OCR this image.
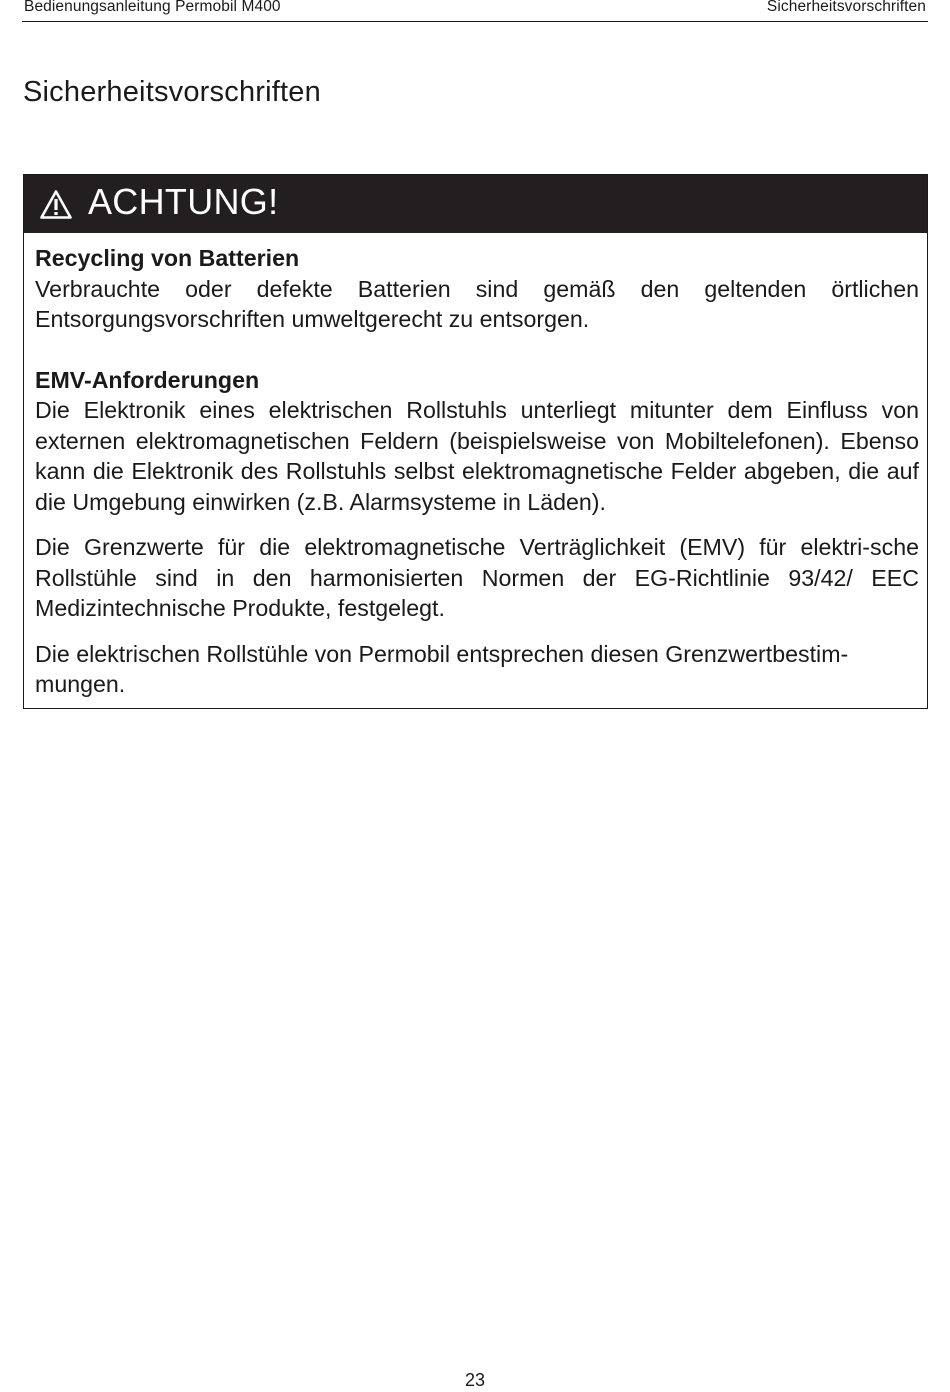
Bedienungsanleitung Permobil M400	Sicherheitsvorschriften
Sicherheitsvorschriften
ACHTUNG!

Recycling von Batterien

Verbrauchte oder defekte Batterien sind gemäß den geltenden örtlichen Entsorgungsvorschriften umweltgerecht zu entsorgen.

EMV-Anforderungen

Die Elektronik eines elektrischen Rollstuhls unterliegt mitunter dem Einfluss von externen elektromagnetischen Feldern (beispielsweise von Mobiltelefonen). Ebenso kann die Elektronik des Rollstuhls selbst elektromagnetische Felder abgeben, die auf die Umgebung einwirken (z.B. Alarmsysteme in Läden).

Die Grenzwerte für die elektromagnetische Verträglichkeit (EMV) für elektri-sche Rollstühle sind in den harmonisierten Normen der EG-Richtlinie 93/42/ EEC Medizintechnische Produkte, festgelegt.

Die elektrischen Rollstühle von Permobil entsprechen diesen Grenzwertbestim-mungen.

23
